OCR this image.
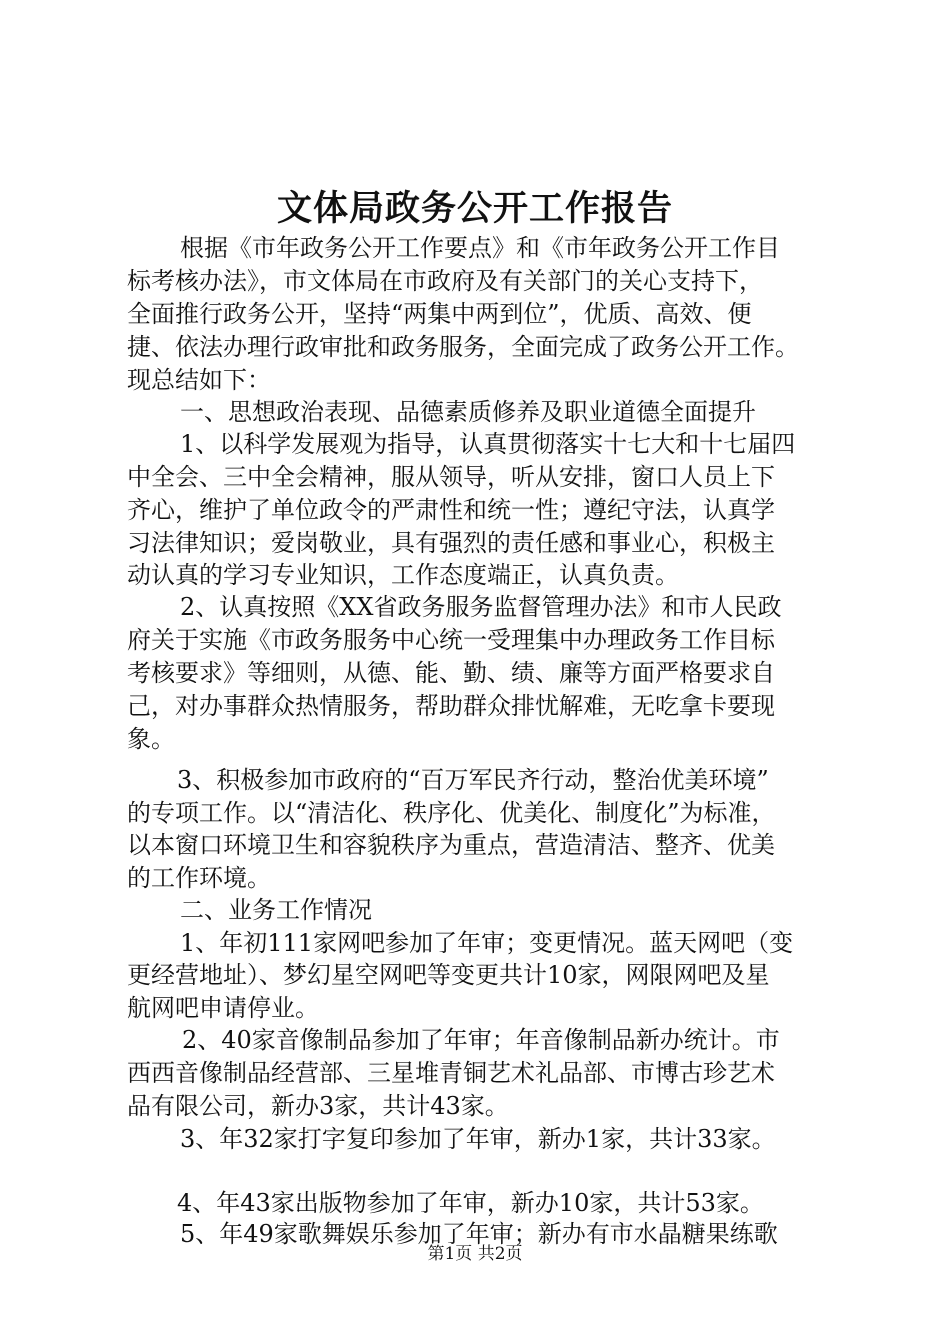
文体局政务公开工作报告
根据《市年政务公开工作要点》和《市年政务公开工作目
标考核办法》，市文体局在市政府及有关部门的关心支持下，
全面推行政务公开，坚持“两集中两到位”，优质、高效、便
捷、依法办理行政审批和政务服务，全面完成了政务公开工作。
现总结如下：
一、思想政治表现、品德素质修养及职业道德全面提升
1、以科学发展观为指导，认真贯彻落实十七大和十七届四
中全会、三中全会精神，服从领导，听从安排，窗口人员上下
齐心，维护了单位政令的严肃性和统一性；遵纪守法，认真学
习法律知识；爱岗敬业，具有强烈的责任感和事业心，积极主
动认真的学习专业知识，工作态度端正，认真负责。
2、认真按照《XX省政务服务监督管理办法》和市人民政
府关于实施《市政务服务中心统一受理集中办理政务工作目标
考核要求》等细则，从德、能、勤、绩、廉等方面严格要求自
己，对办事群众热情服务，帮助群众排忧解难，无吃拿卡要现
象。
3、积极参加市政府的“百万军民齐行动，整治优美环境”
的专项工作。以“清洁化、秩序化、优美化、制度化”为标准，
以本窗口环境卫生和容貌秩序为重点，营造清洁、整齐、优美
的工作环境。
二、业务工作情况
1、年初111家网吧参加了年审；变更情况。蓝天网吧（变
更经营地址）、梦幻星空网吧等变更共计10家，网限网吧及星
航网吧申请停业。
2、40家音像制品参加了年审；年音像制品新办统计。市
西西音像制品经营部、三星堆青铜艺术礼品部、市博古珍艺术
品有限公司，新办3家，共计43家。
3、年32家打字复印参加了年审，新办1家，共计33家。
4、年43家出版物参加了年审，新办10家，共计53家。
5、年49家歌舞娱乐参加了年审；新办有市水晶糖果练歌
第1页 共2页
